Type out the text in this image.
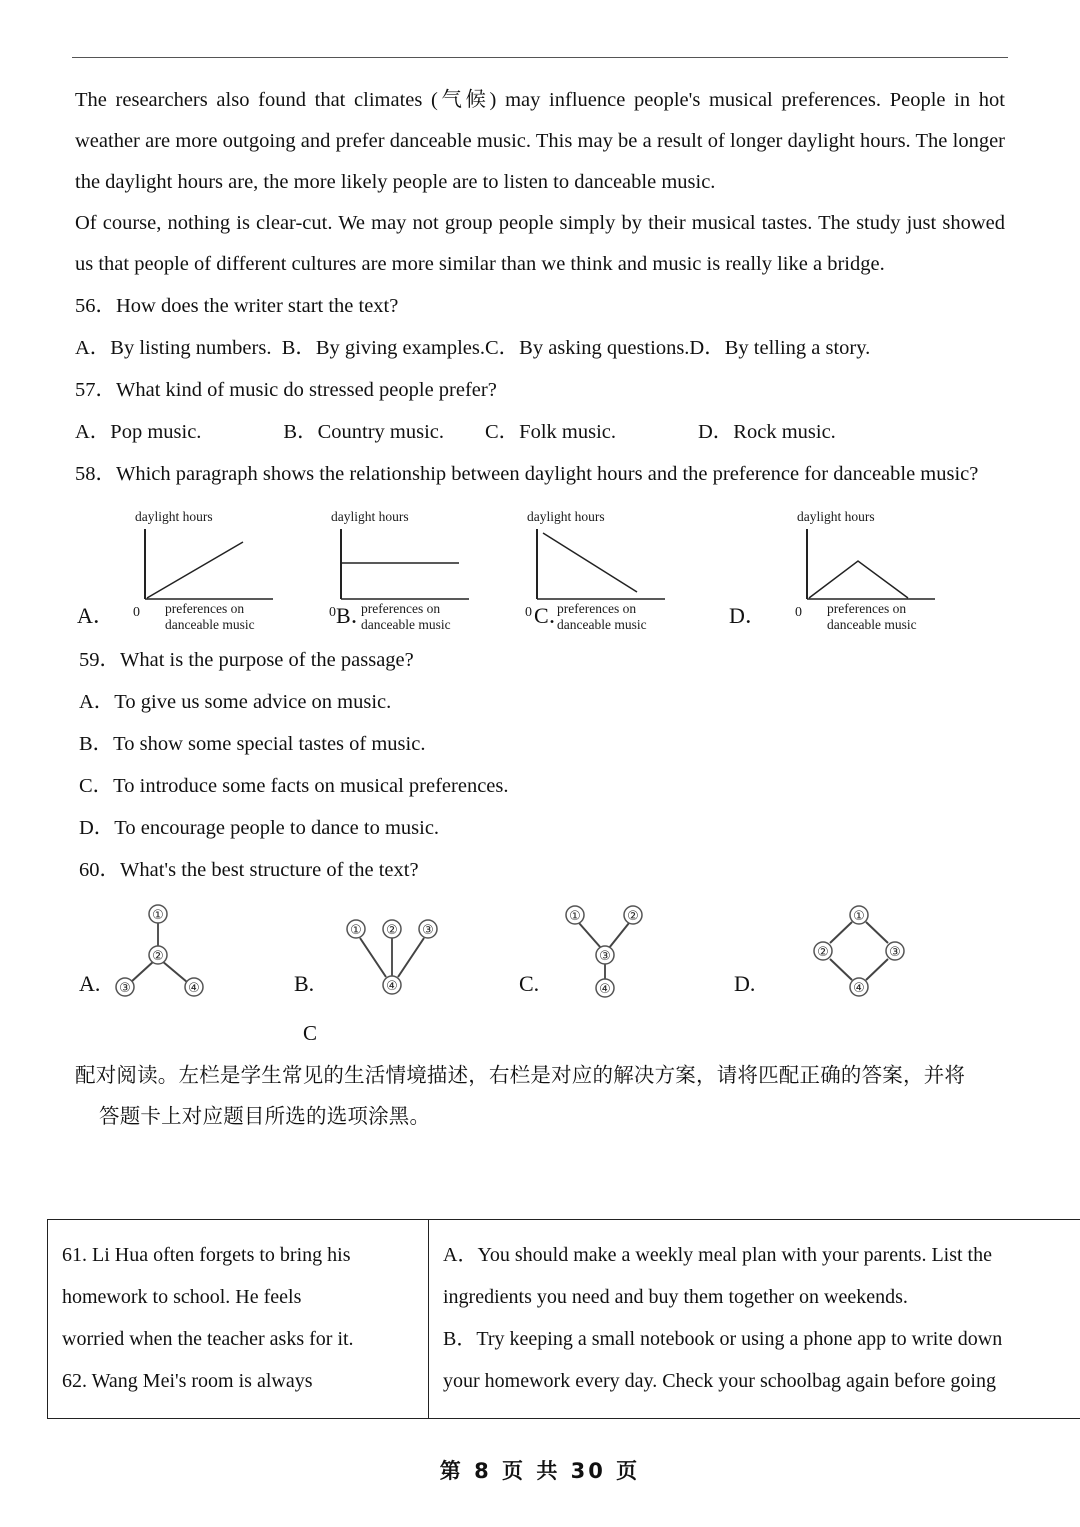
The researchers also found that climates (气候) may influence people's musical preferences. People in hot weather are more outgoing and prefer danceable music. This may be a result of longer daylight hours. The longer the daylight hours are, the more likely people are to listen to danceable music.

Of course, nothing is clear-cut. We may not group people simply by their musical tastes. The study just showed us that people of different cultures are more similar than we think and music is really like a bridge.

56．How does the writer start the text?
A．By listing numbers.  B．By giving examples.C．By asking questions.D．By telling a story.
57．What kind of music do stressed people prefer?
A．Pop music.                B．Country music.        C．Folk music.                D．Rock music.
58．Which paragraph shows the relationship between daylight hours and the preference for danceable music?
A．
daylight hours
0 preferences on
danceable music	B．
daylight hours
0 preferences on
danceable music	C．
daylight hours
0 preferences on
danceable music	D．
daylight hours
0 preferences on
danceable music
59．What is the purpose of the passage?
A．To give us some advice on music.
B．To show some special tastes of music.
C．To introduce some facts on musical preferences.
D．To encourage people to dance to music.
60．What's the best structure of the text?
A.
①
②
③	④	B.
① ② ③
④	C.
①	②
③
④	D.
①
②	③
④
C

配对阅读。左栏是学生常见的生活情境描述，右栏是对应的解决方案，请将匹配正确的答案，并将

答题卡上对应题目所选的选项涂黑。

61. Li Hua often forgets to bring his

homework to school. He feels

worried when the teacher asks for it.

62. Wang Mei's room is always

A．You should make a weekly meal plan with your parents. List the

ingredients you need and buy them together on weekends.

B．Try keeping a small notebook or using a phone app to write down

your homework every day. Check your schoolbag again before going

第 8 页 共 30 页
